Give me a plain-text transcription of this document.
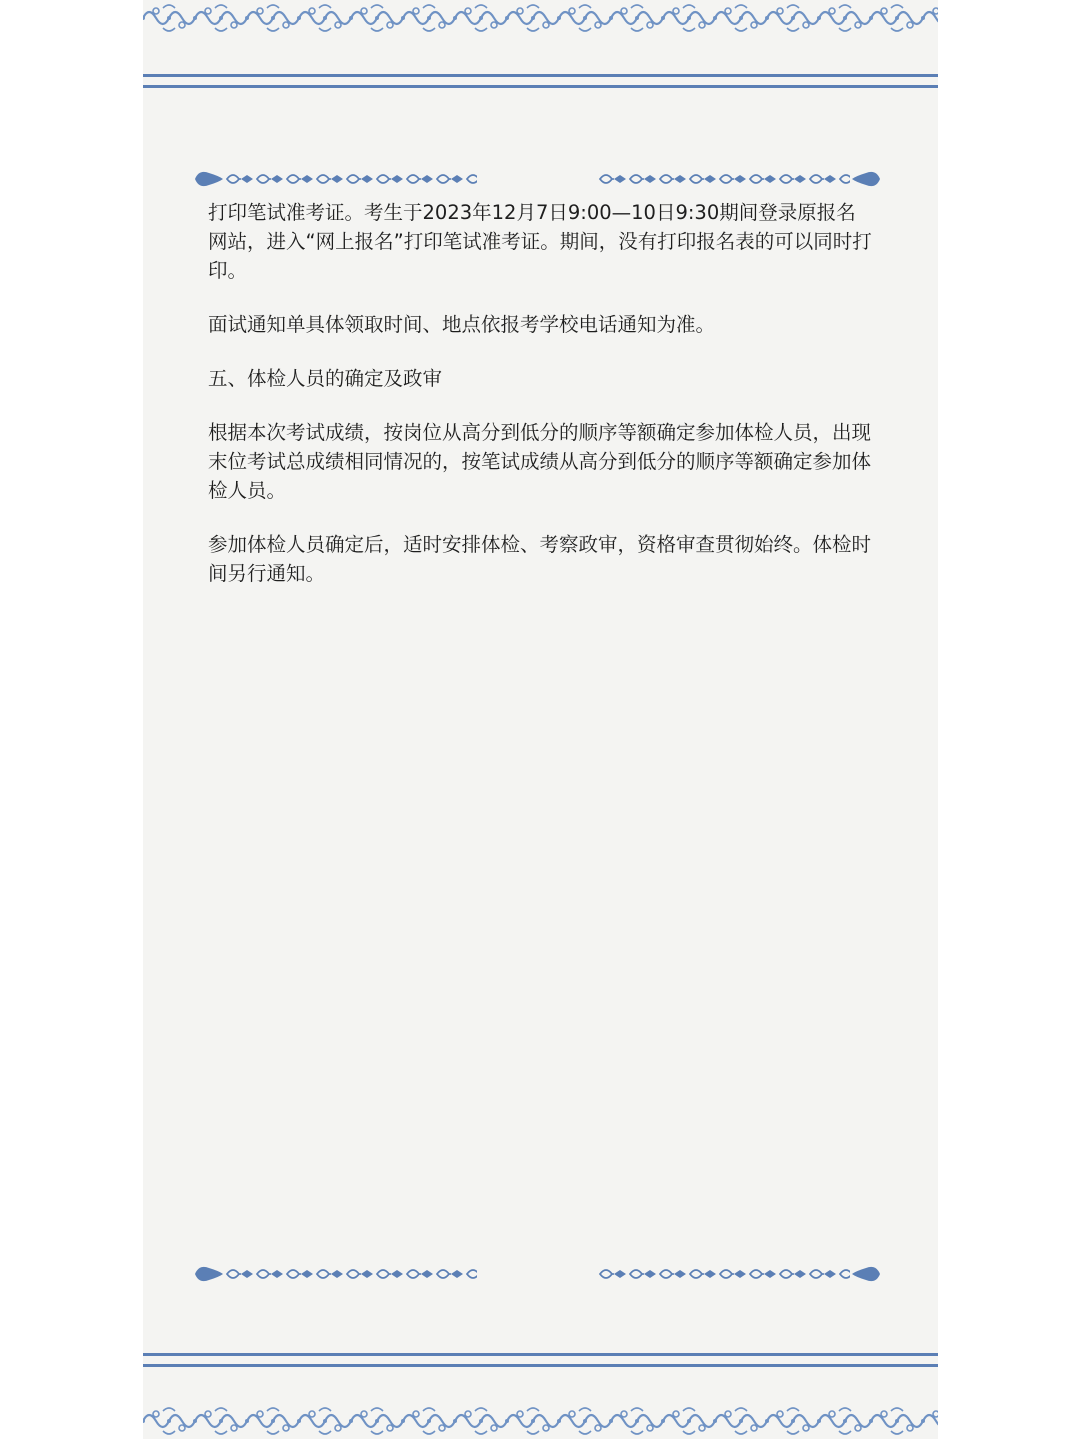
打印笔试准考证。考生于2023年12月7日9:00—10日9:30期间登录原报名网站，进入“网上报名”打印笔试准考证。期间，没有打印报名表的可以同时打印。

面试通知单具体领取时间、地点依报考学校电话通知为准。

五、体检人员的确定及政审

根据本次考试成绩，按岗位从高分到低分的顺序等额确定参加体检人员，出现末位考试总成绩相同情况的，按笔试成绩从高分到低分的顺序等额确定参加体检人员。

参加体检人员确定后，适时安排体检、考察政审，资格审查贯彻始终。体检时间另行通知。
